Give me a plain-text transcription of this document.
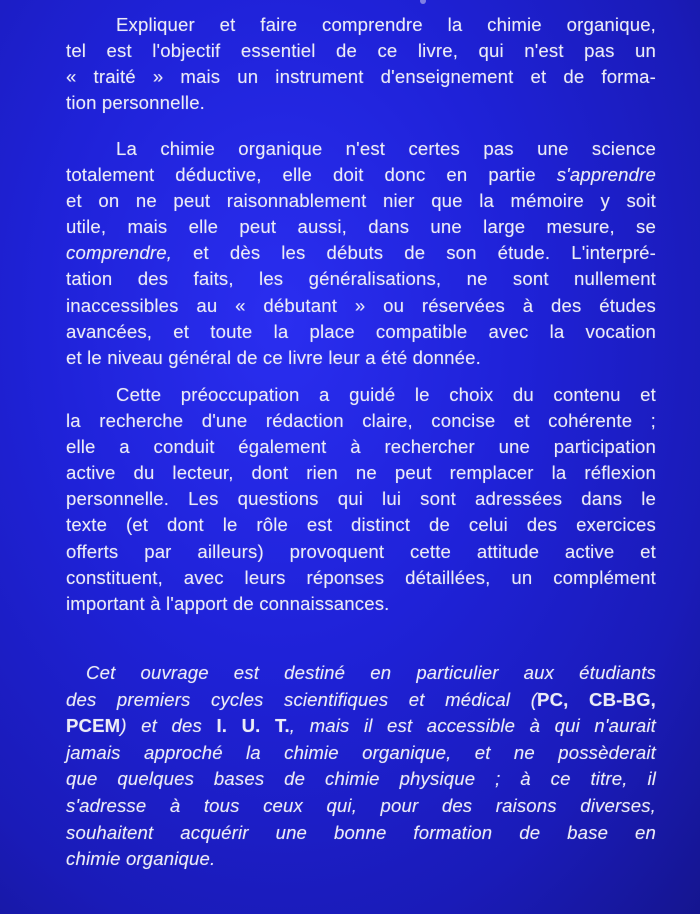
Expliquer et faire comprendre la chimie organique,
tel est l'objectif essentiel de ce livre, qui n'est pas un
« traité » mais un instrument d'enseignement et de forma-
tion personnelle.
La chimie organique n'est certes pas une science
totalement déductive, elle doit donc en partie s'apprendre
et on ne peut raisonnablement nier que la mémoire y soit
utile, mais elle peut aussi, dans une large mesure, se
comprendre, et dès les débuts de son étude. L'interpré-
tation des faits, les généralisations, ne sont nullement
inaccessibles au « débutant » ou réservées à des études
avancées, et toute la place compatible avec la vocation
et le niveau général de ce livre leur a été donnée.
Cette préoccupation a guidé le choix du contenu et
la recherche d'une rédaction claire, concise et cohérente ;
elle a conduit également à rechercher une participation
active du lecteur, dont rien ne peut remplacer la réflexion
personnelle. Les questions qui lui sont adressées dans le
texte (et dont le rôle est distinct de celui des exercices
offerts par ailleurs) provoquent cette attitude active et
constituent, avec leurs réponses détaillées, un complément
important à l'apport de connaissances.
Cet ouvrage est destiné en particulier aux étudiants
des premiers cycles scientifiques et médical (PC, CB-BG,
PCEM) et des I. U. T., mais il est accessible à qui n'aurait
jamais approché la chimie organique, et ne possèderait
que quelques bases de chimie physique ; à ce titre, il
s'adresse à tous ceux qui, pour des raisons diverses,
souhaitent acquérir une bonne formation de base en
chimie organique.
